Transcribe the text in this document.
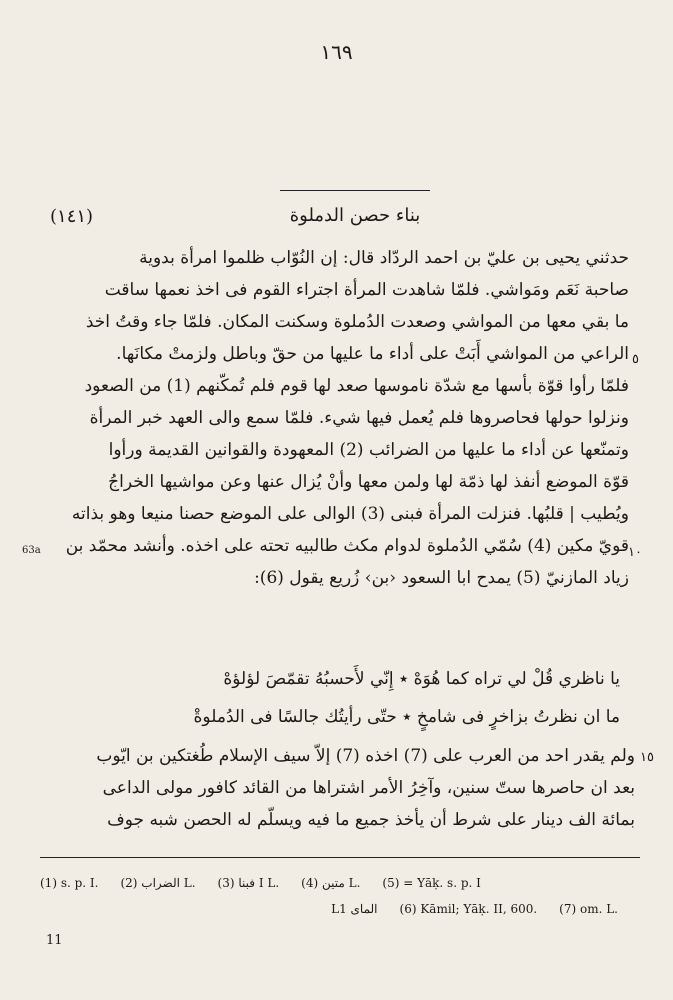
١٦٩
(١٤١)	بناء حصن الدملوة
حدثني يحيى بن عليّ بن احمد الردّاد قال: إن النُوّاب ظلموا امرأة بدوية
صاحبة نَعَم ومَواشي. فلمّا شاهدت المرأة اجتراء القوم فى اخذ نعمها ساقت
ما بقي معها من المواشي وصعدت الدُملوة وسكنت المكان. فلمّا جاء وقتُ اخذ
الراعي من المواشي أَبَتْ على أداء ما عليها من حقّ وباطل ولزمتْ مكانَها.
فلمّا رأوا قوّة بأسها مع شدّة ناموسها صعد لها قوم فلم تُمكّنهم (1) من الصعود
ونزلوا حولها فحاصروها فلم يُعمل فيها شيء. فلمّا سمع والى العهد خبر المرأة
وتمنّعها عن أداء ما عليها من الضرائب (2) المعهودة والقوانين القديمة ورأوا
قوّة الموضع أنفذ لها ذمّة لها ولمن معها وأنْ يُزال عنها وعن مواشيها الخراجُ
ويُطيب | قلبُها. فنزلت المرأة فبنى (3) الوالى على الموضع حصنا منيعا وهو بذاته
قويّ مكين (4) سُمّي الدُملوة لدوام مكث طالبيه تحته على اخذه. وأنشد محمّد بن
زياد المازنيّ (5) يمدح ابا السعود ‹بن› زُريع يقول (6):
٥
١٠
63a
يا ناظري قُلْ لي تراه كما هُوَهْ ٭ إِنّي لأَحسبُهُ تقمّصَ لؤلؤهْ
ما ان نظرتُ بزاخرٍ فى شامخٍ ٭ حتّى رأيتُك جالسًا فى الدُملوةْ
ولم يقدر احد من العرب على (7) اخذه (7) إلاّ سيف الإسلام طُغتكين بن ايّوب
بعد ان حاصرها ستّ سنين، وآخِرُ الأمر اشتراها من القائد كافور مولى الداعى
بمائة الف دينار على شرط أن يأخذ جميع ما فيه ويسلّم له الحصن شبه جوف
١٥
(1) s. p. I. (2) الضراب L. (3) فبنا I L. (4) متين L. (5) = Yāḳ. s. p. I
الماى L1 (6) Kāmil; Yāḳ. II, 600. (7) om. L.
11
